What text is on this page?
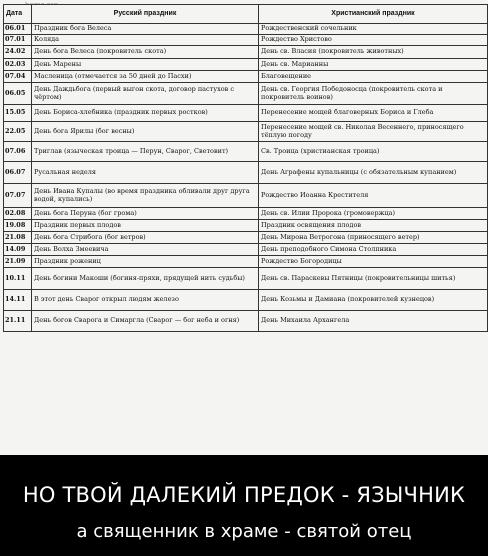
Дата	Русский праздник	Христианский праздник
06.01	Праздник бога Велеса	Рождественский сочельник
07.01	Коляда	Рождество Христово
24.02	День бога Велеса (покровитель скота)	День св. Власия (покровитель животных)
02.03	День Марены	День св. Марианны
07.04	Масленица (отмечается за 50 дней до Пасхи)	Благовещение
06.05	День Даждьбога (первый выгон скота, договор пастухов с чёртом)	День св. Георгия Победоносца (покровитель скота и покровитель воинов)
15.05	День Бориса-хлебника (праздник первых ростков)	Перенесение мощей благоверных Бориса и Глеба
22.05	День бога Ярилы (бог весны)	Перенесение мощей св. Николая Весеннего, приносящего тёплую погоду
07.06	Триглав (языческая троица — Перун, Сварог, Световит)	Св. Троица (христианская троица)
06.07	Русальная неделя	День Аграфены купальницы (с обязательным купанием)
07.07	День Ивана Купалы (во время праздника обливали друг друга водой, купались)	Рождество Иоанна Крестителя
02.08	День бога Перуна (бог грома)	День св. Илии Пророка (громовержца)
19.08	Праздник первых плодов	Праздник освящения плодов
21.08	День бога Стрибога (бог ветров)	День Мирона Ветрогона (приносящего ветер)
14.09	День Волха Змеевича	День преподобного Симона Столпника
21.09	Праздник рожениц	Рождество Богородицы
10.11	День богини Макоши (богиня-пряхи, прядущей нить судьбы)	День св. Параскевы Пятницы (покровительницы шитья)
14.11	В этот день Сварог открыл людям железо	День Козьмы и Дамиана (покровителей кузнецов)
21.11	День богов Сварога и Симаргла (Сварог — бог неба и огня)	День Михаила Архангела
НО ТВОЙ ДАЛЕКИЙ ПРЕДОК - ЯЗЫЧНИК
а священник в храме - святой отец
